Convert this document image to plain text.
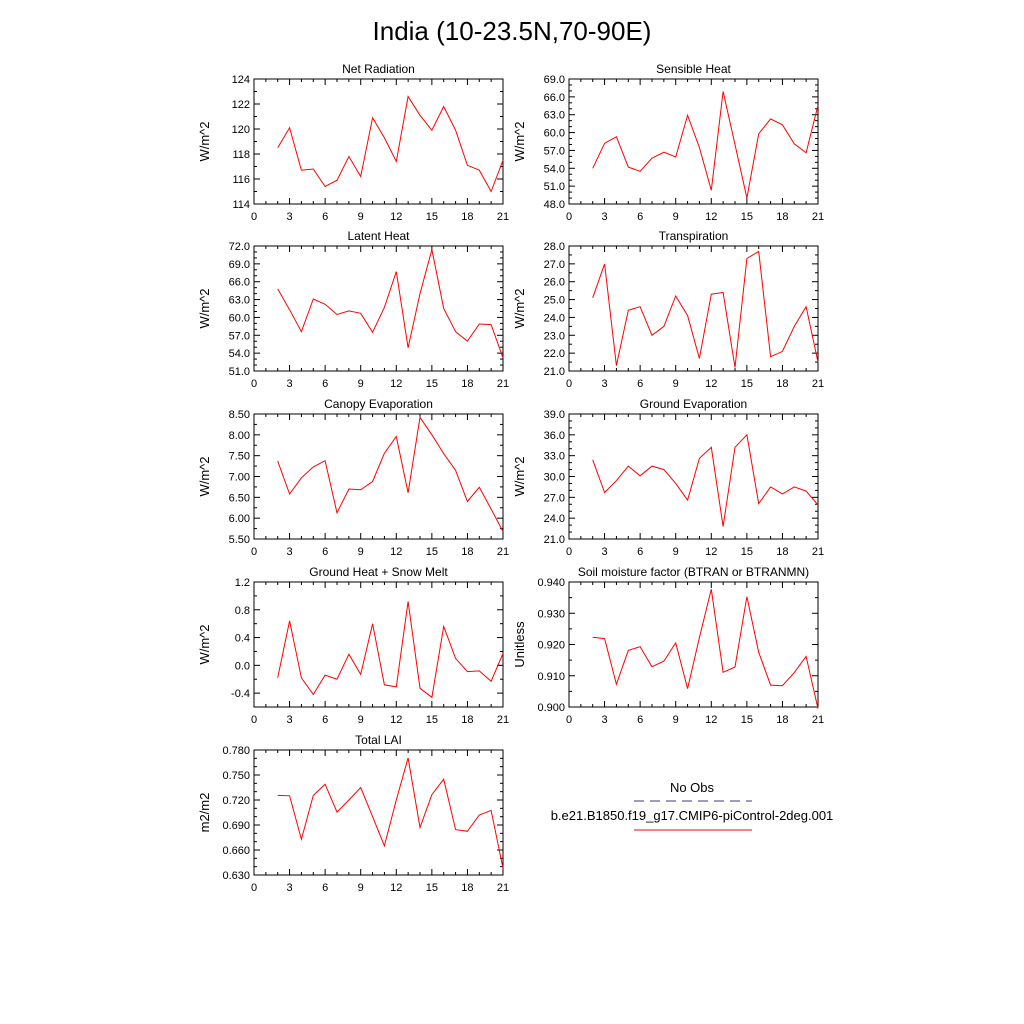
India (10-23.5N,70-90E)
Net Radiation
W/m^2
0	3	6	9 12 15 18 21
114
116
118
120
122
124
Sensible Heat
W/m^2
0	3	6	9 12 15 18 21
48.0
51.0
54.0
57.0
60.0
63.0
66.0
69.0
Latent Heat
W/m^2
0	3	6	9 12 15 18 21
51.0
54.0
57.0
60.0
63.0
66.0
69.0
72.0
Transpiration
W/m^2
0	3	6	9 12 15 18 21
21.0
22.0
23.0
24.0
25.0
26.0
27.0
28.0
Canopy Evaporation
W/m^2
0	3	6	9 12 15 18 21
5.50
6.00
6.50
7.00
7.50
8.00
8.50
Ground Evaporation
W/m^2
0	3	6	9 12 15 18 21
21.0
24.0
27.0
30.0
33.0
36.0
39.0
Ground Heat + Snow Melt
W/m^2
0	3	6	9 12 15 18 21
-0.4
0.0
0.4
0.8
1.2
Soil moisture factor (BTRAN or BTRANMN)
Unitless
0	3	6	9 12 15 18 21
0.900
0.910
0.920
0.930
0.940
Total LAI
m2/m2
0	3	6	9 12 15 18 21
0.630
0.660
0.690
0.720
0.750
0.780
No Obs
b.e21.B1850.f19_g17.CMIP6-piControl-2deg.001
